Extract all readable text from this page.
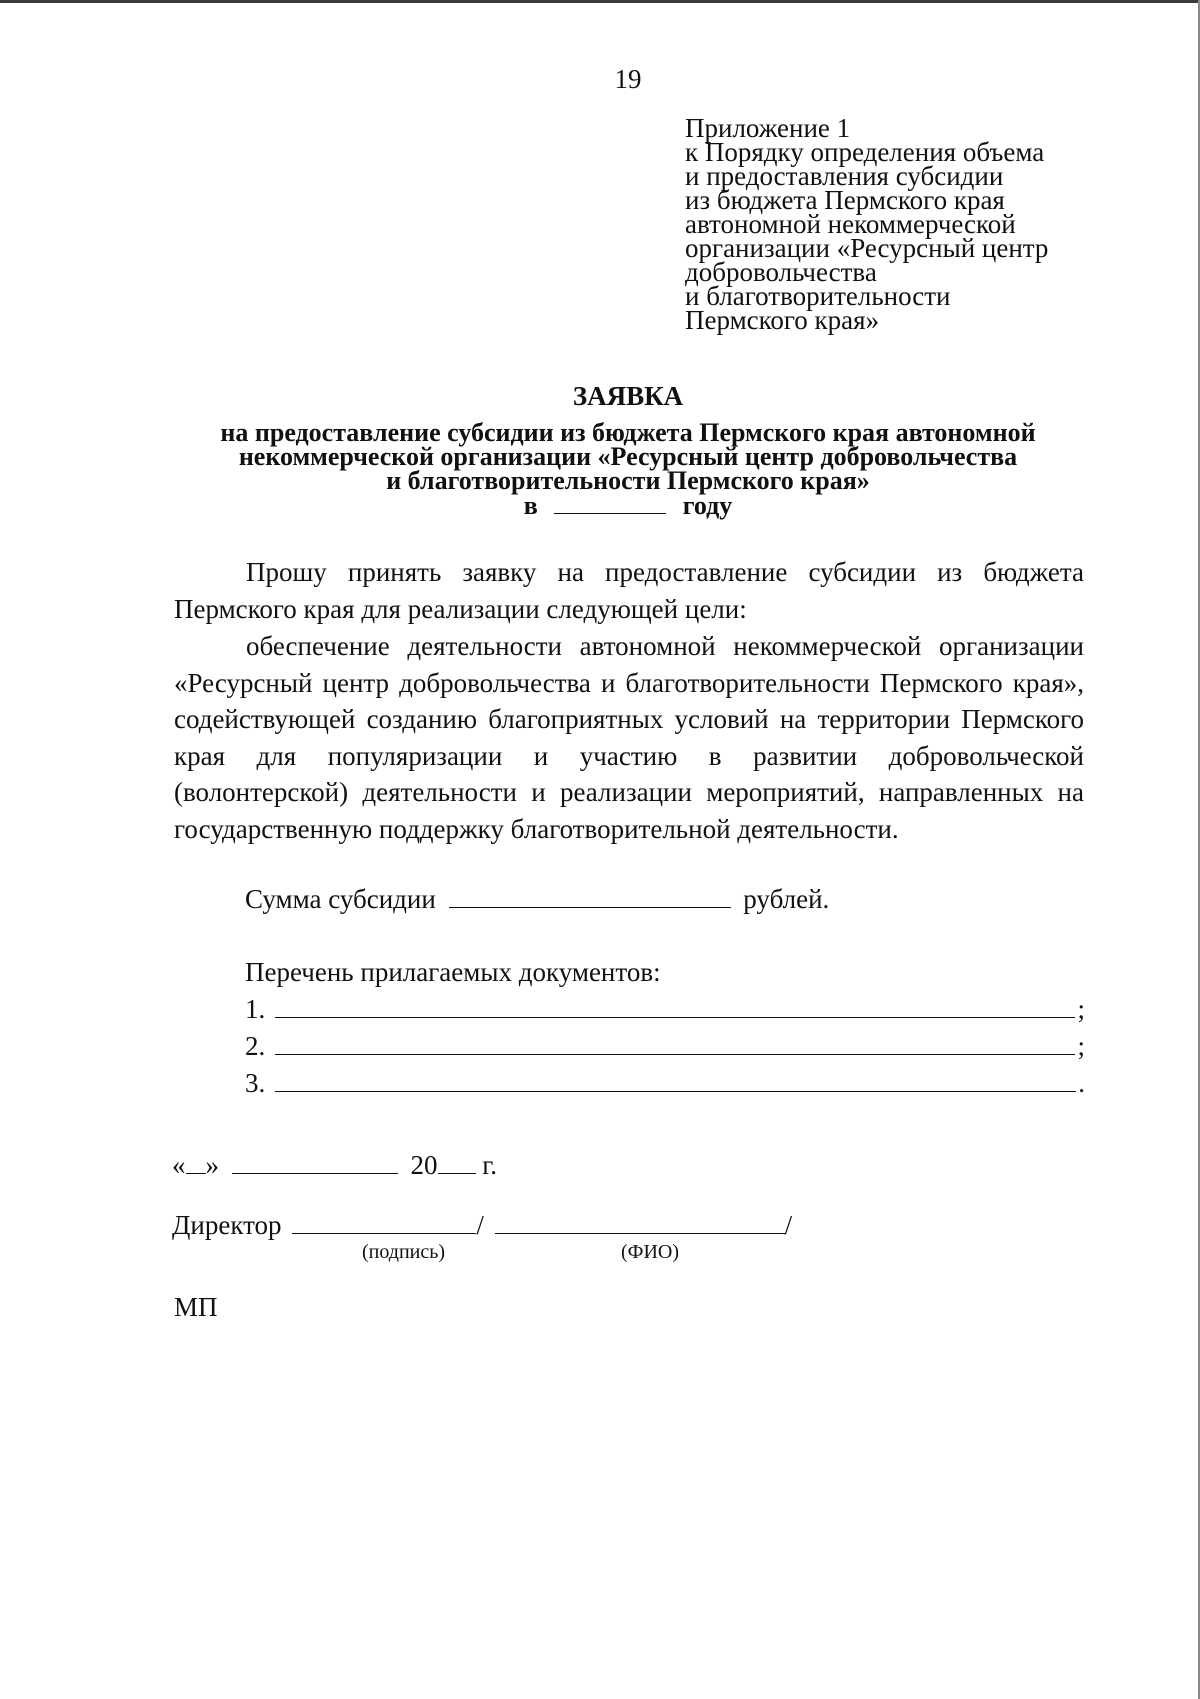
19
Приложение 1
к Порядку определения объема
и предоставления субсидии
из бюджета Пермского края
автономной некоммерческой
организации «Ресурсный центр
добровольчества
и благотворительности
Пермского края»
ЗАЯВКА
на предоставление субсидии из бюджета Пермского края автономной
некоммерческой организации «Ресурсный центр добровольчества
и благотворительности Пермского края»
в	году
Прошу принять заявку на предоставление субсидии из бюджета Пермского края для реализации следующей цели:
обеспечение деятельности автономной некоммерческой организации «Ресурсный центр добровольчества и благотворительности Пермского края», содействующей созданию благоприятных условий на территории Пермского края для популяризации и участию в развитии добровольческой (волонтерской) деятельности и реализации мероприятий, направленных на государственную поддержку благотворительной деятельности.
Сумма субсидии	рублей.
Перечень прилагаемых документов:
1.	;
2.	;
3.	.
« »	20 г.
Директор	/	/
(подпись)	(ФИО)
МП
